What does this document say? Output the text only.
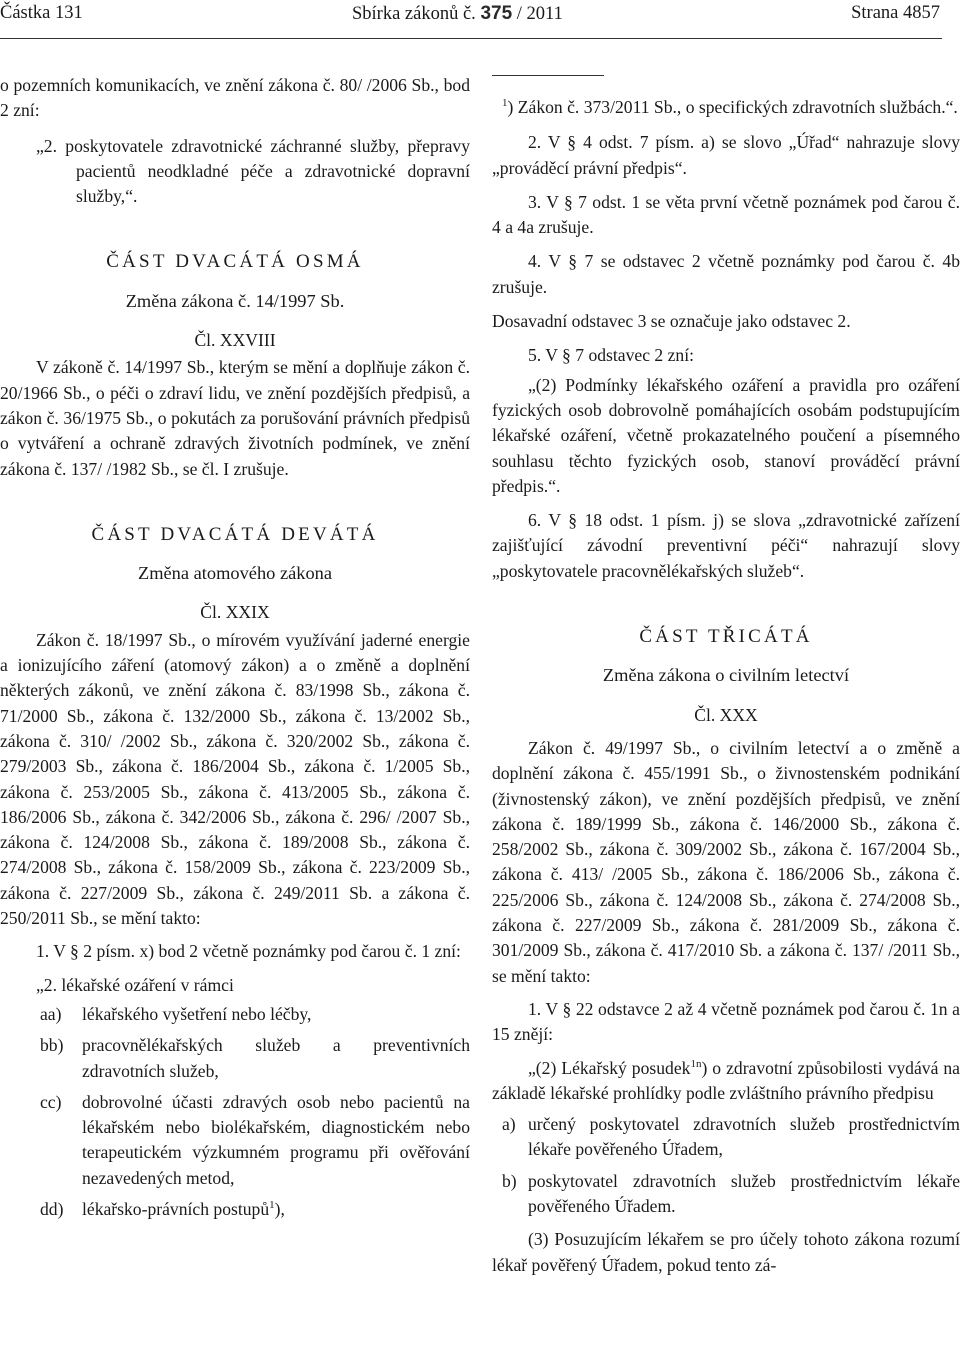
Částka 131	Sbírka zákonů č. 375 / 2011	Strana 4857

o pozemních komunikacích, ve znění zákona č. 80/ /2006 Sb., bod 2 zní:

„2. poskytovatele zdravotnické záchranné služby, přepravy pacientů neodkladné péče a zdravotnické dopravní služby,“.

ČÁST DVACÁTÁ OSMÁ

Změna zákona č. 14/1997 Sb.

Čl. XXVIII

V zákoně č. 14/1997 Sb., kterým se mění a doplňuje zákon č. 20/1966 Sb., o péči o zdraví lidu, ve znění pozdějších předpisů, a zákon č. 36/1975 Sb., o pokutách za porušování právních předpisů o vytváření a ochraně zdravých životních podmínek, ve znění zákona č. 137/ /1982 Sb., se čl. I zrušuje.

ČÁST DVACÁTÁ DEVÁTÁ

Změna atomového zákona

Čl. XXIX

Zákon č. 18/1997 Sb., o mírovém využívání jaderné energie a ionizujícího záření (atomový zákon) a o změně a doplnění některých zákonů, ve znění zákona č. 83/1998 Sb., zákona č. 71/2000 Sb., zákona č. 132/2000 Sb., zákona č. 13/2002 Sb., zákona č. 310/ /2002 Sb., zákona č. 320/2002 Sb., zákona č. 279/2003 Sb., zákona č. 186/2004 Sb., zákona č. 1/2005 Sb., zákona č. 253/2005 Sb., zákona č. 413/2005 Sb., zákona č. 186/2006 Sb., zákona č. 342/2006 Sb., zákona č. 296/ /2007 Sb., zákona č. 124/2008 Sb., zákona č. 189/2008 Sb., zákona č. 274/2008 Sb., zákona č. 158/2009 Sb., zákona č. 223/2009 Sb., zákona č. 227/2009 Sb., zákona č. 249/2011 Sb. a zákona č. 250/2011 Sb., se mění takto:

1. V § 2 písm. x) bod 2 včetně poznámky pod čarou č. 1 zní:

„2. lékařské ozáření v rámci

aa) lékařského vyšetření nebo léčby,

bb) pracovnělékařských služeb a preventivních zdravotních služeb,

cc) dobrovolné účasti zdravých osob nebo pacientů na lékařském nebo biolékařském, diagnostickém nebo terapeutickém výzkumném programu při ověřování nezavedených metod,

dd) lékařsko-právních postupů$^1$),

$^1$) Zákon č. 373/2011 Sb., o specifických zdravotních službách.“.

2. V § 4 odst. 7 písm. a) se slovo „Úřad“ nahrazuje slovy „prováděcí právní předpis“.

3. V § 7 odst. 1 se věta první včetně poznámek pod čarou č. 4 a 4a zrušuje.

4. V § 7 se odstavec 2 včetně poznámky pod čarou č. 4b zrušuje.

Dosavadní odstavec 3 se označuje jako odstavec 2.

5. V § 7 odstavec 2 zní:

„(2) Podmínky lékařského ozáření a pravidla pro ozáření fyzických osob dobrovolně pomáhajících osobám podstupujícím lékařské ozáření, včetně prokazatelného poučení a písemného souhlasu těchto fyzických osob, stanoví prováděcí právní předpis.“.

6. V § 18 odst. 1 písm. j) se slova „zdravotnické zařízení zajišťující závodní preventivní péči“ nahrazují slovy „poskytovatele pracovnělékařských služeb“.

ČÁST TŘICÁTÁ

Změna zákona o civilním letectví

Čl. XXX

Zákon č. 49/1997 Sb., o civilním letectví a o změně a doplnění zákona č. 455/1991 Sb., o živnostenském podnikání (živnostenský zákon), ve znění pozdějších předpisů, ve znění zákona č. 189/1999 Sb., zákona č. 146/2000 Sb., zákona č. 258/2002 Sb., zákona č. 309/2002 Sb., zákona č. 167/2004 Sb., zákona č. 413/ /2005 Sb., zákona č. 186/2006 Sb., zákona č. 225/2006 Sb., zákona č. 124/2008 Sb., zákona č. 274/2008 Sb., zákona č. 227/2009 Sb., zákona č. 281/2009 Sb., zákona č. 301/2009 Sb., zákona č. 417/2010 Sb. a zákona č. 137/ /2011 Sb., se mění takto:

1. V § 22 odstavce 2 až 4 včetně poznámek pod čarou č. 1n a 15 znějí:

„(2) Lékařský posudek$^{1n}$) o zdravotní způsobilosti vydává na základě lékařské prohlídky podle zvláštního právního předpisu

a) určený poskytovatel zdravotních služeb prostřednictvím lékaře pověřeného Úřadem,

b) poskytovatel zdravotních služeb prostřednictvím lékaře pověřeného Úřadem.

(3) Posuzujícím lékařem se pro účely tohoto zákona rozumí lékař pověřený Úřadem, pokud tento zá-
